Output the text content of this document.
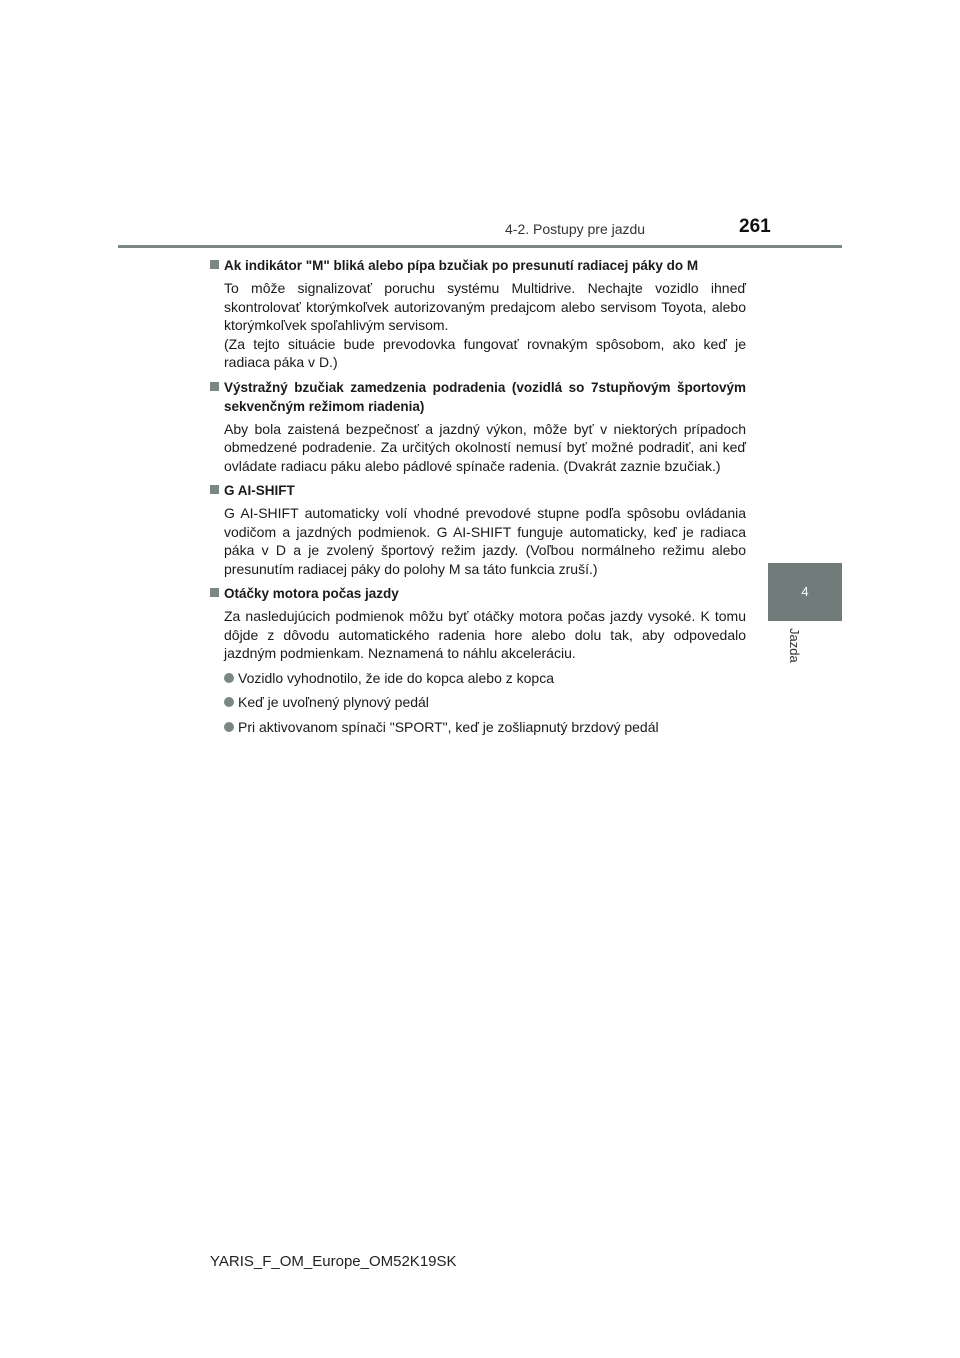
4-2. Postupy pre jazdu	261
4
Jazda
Ak indikátor "M" bliká alebo pípa bzučiak po presunutí radiacej páky do M

To môže signalizovať poruchu systému Multidrive. Nechajte vozidlo ihneď skontrolovať ktorýmkoľvek autorizovaným predajcom alebo servisom Toyota, alebo ktorýmkoľvek spoľahlivým servisom.

(Za tejto situácie bude prevodovka fungovať rovnakým spôsobom, ako keď je radiaca páka v D.)

Výstražný bzučiak zamedzenia podradenia (vozidlá so 7stupňovým športovým sekvenčným režimom riadenia)

Aby bola zaistená bezpečnosť a jazdný výkon, môže byť v niektorých prípadoch obmedzené podradenie. Za určitých okolností nemusí byť možné podradiť, ani keď ovládate radiacu páku alebo pádlové spínače radenia. (Dvakrát zaznie bzučiak.)

G AI-SHIFT

G AI-SHIFT automaticky volí vhodné prevodové stupne podľa spôsobu ovládania vodičom a jazdných podmienok. G AI-SHIFT funguje automaticky, keď je radiaca páka v D a je zvolený športový režim jazdy. (Voľbou normálneho režimu alebo presunutím radiacej páky do polohy M sa táto funkcia zruší.)

Otáčky motora počas jazdy

Za nasledujúcich podmienok môžu byť otáčky motora počas jazdy vysoké. K tomu dôjde z dôvodu automatického radenia hore alebo dolu tak, aby odpovedalo jazdným podmienkam. Neznamená to náhlu akceleráciu.

Vozidlo vyhodnotilo, že ide do kopca alebo z kopca
Keď je uvoľnený plynový pedál
Pri aktivovanom spínači "SPORT", keď je zošliapnutý brzdový pedál
YARIS_F_OM_Europe_OM52K19SK
